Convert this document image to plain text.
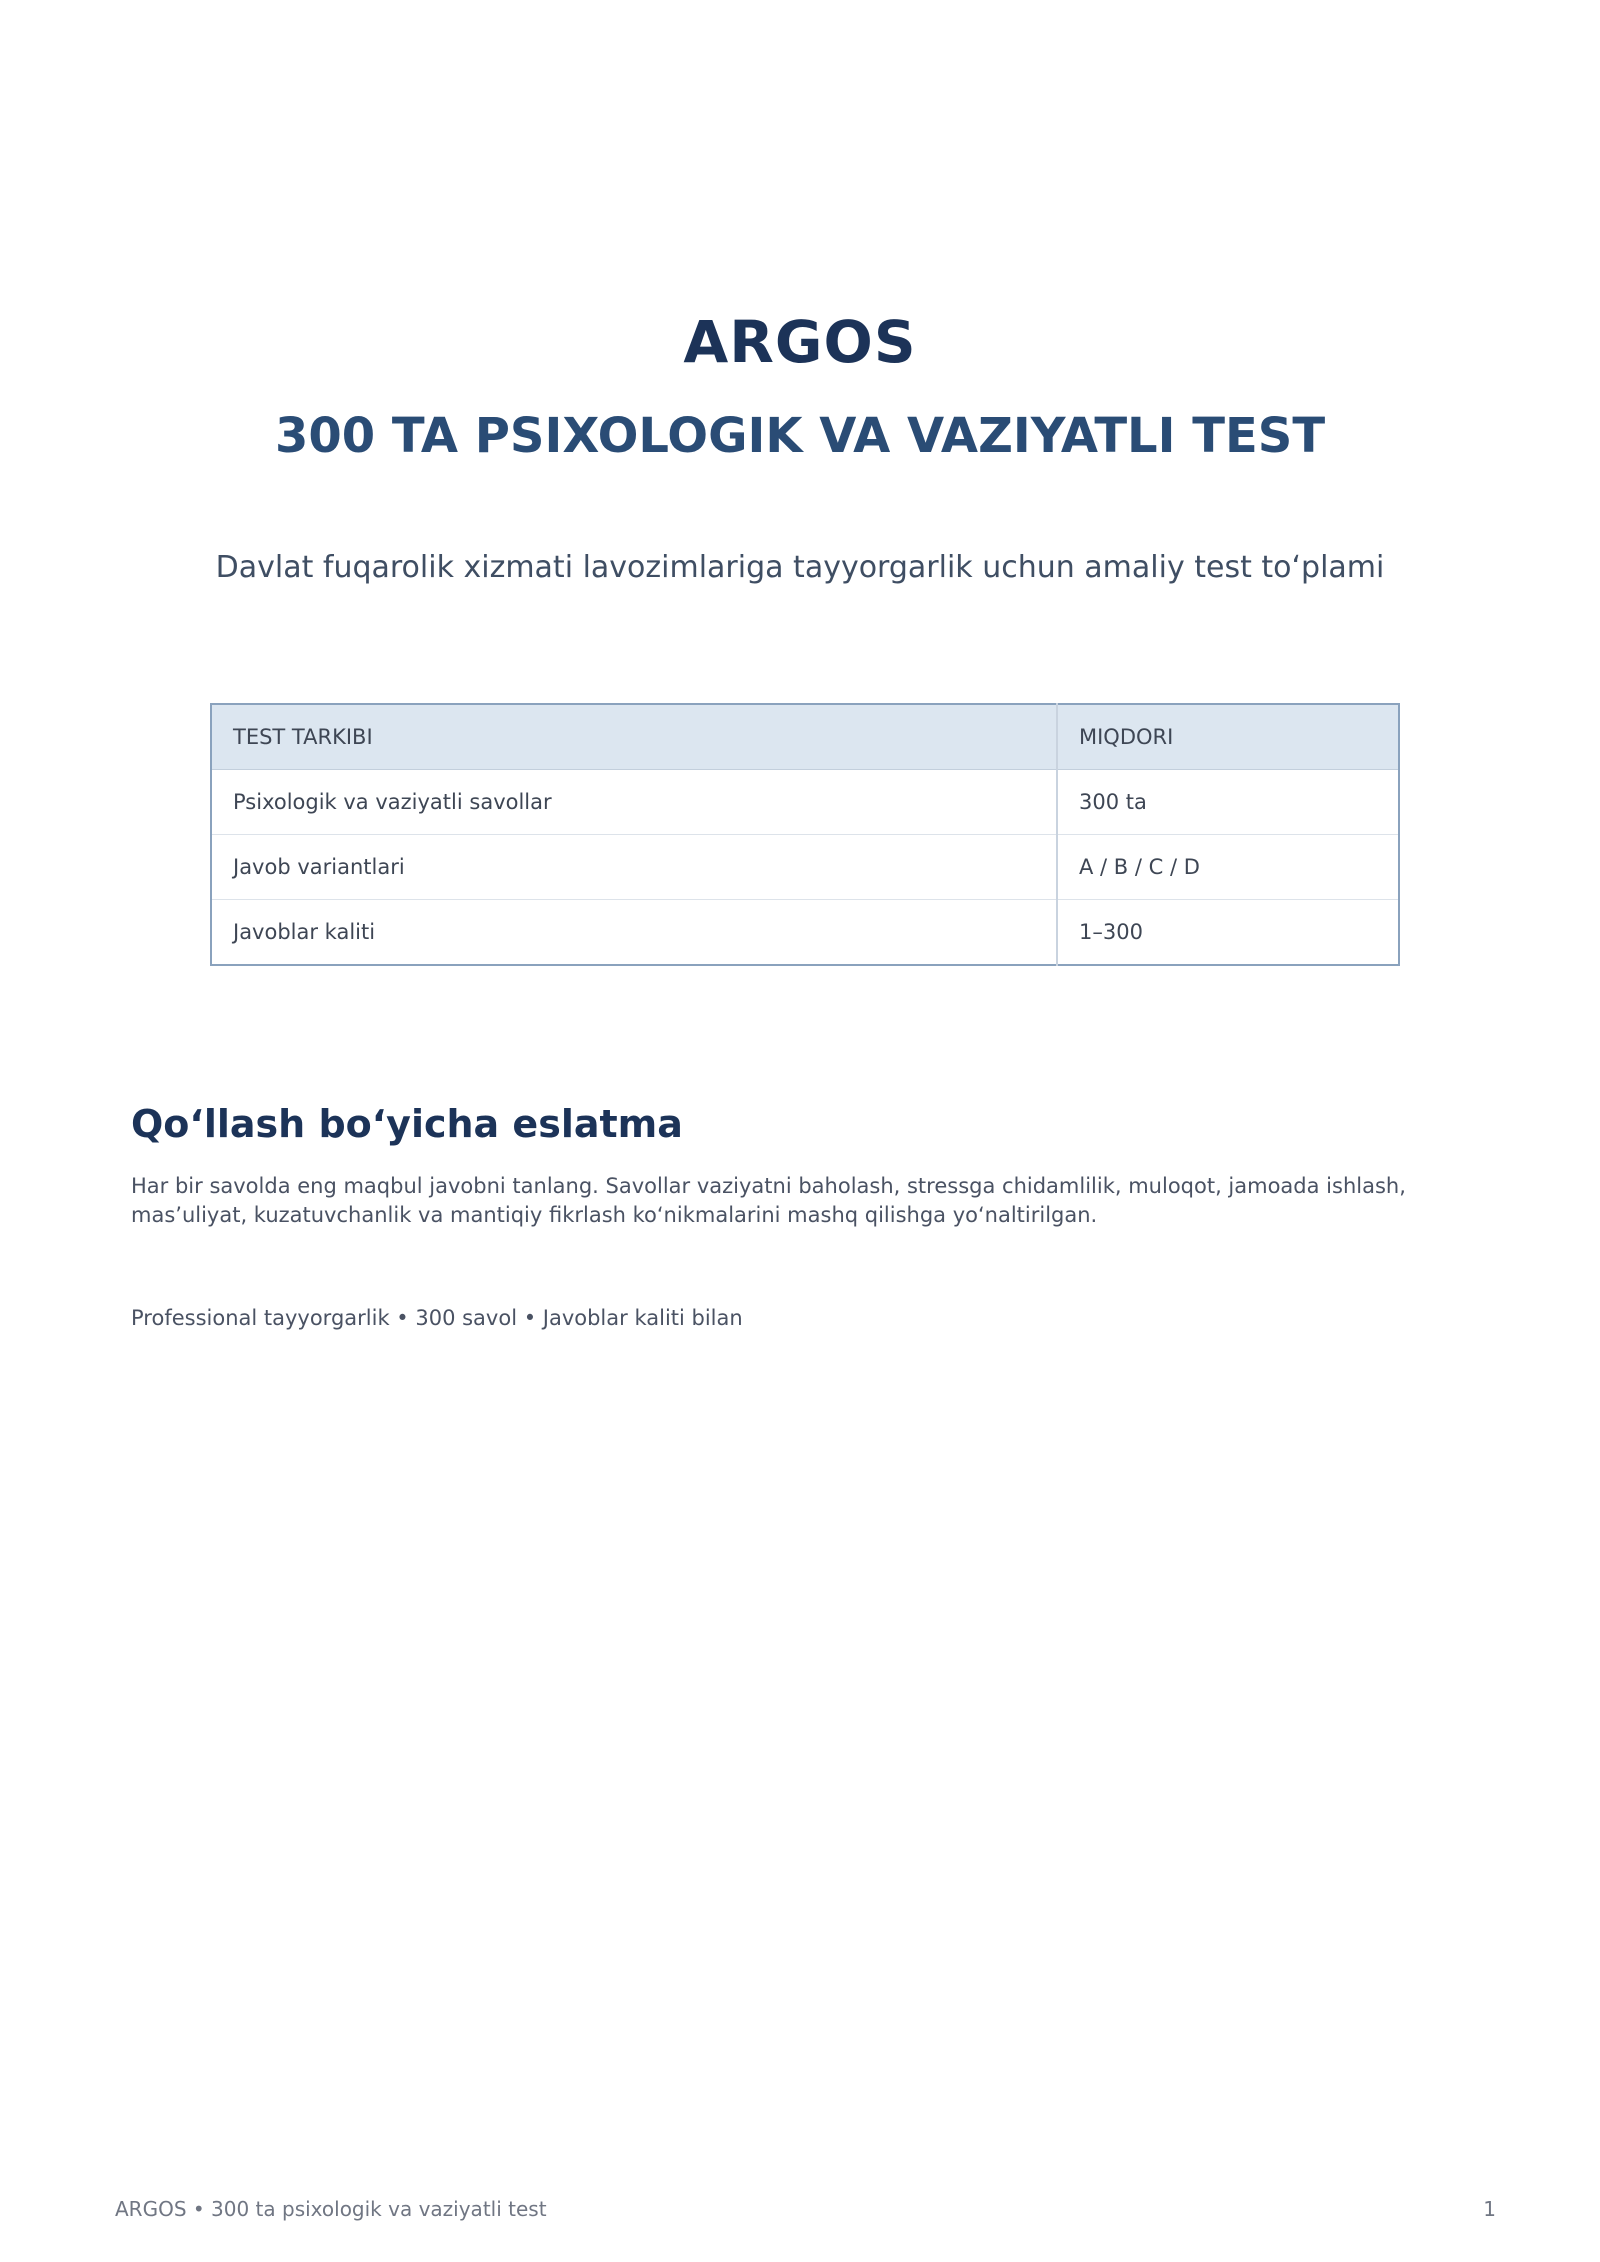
ARGOS
300 TA PSIXOLOGIK VA VAZIYATLI TEST

Davlat fuqarolik xizmati lavozimlariga tayyorgarlik uchun amaliy test to‘plami

TEST TARKIBI	MIQDORI
Psixologik va vaziyatli savollar	300 ta
Javob variantlari	A / B / C / D
Javoblar kaliti	1–300
Qo‘llash bo‘yicha eslatma

Har bir savolda eng maqbul javobni tanlang. Savollar vaziyatni baholash, stressga chidamlilik, muloqot, jamoada ishlash, mas’uliyat, kuzatuvchanlik va mantiqiy fikrlash ko‘nikmalarini mashq qilishga yo‘naltirilgan.

Professional tayyorgarlik • 300 savol • Javoblar kaliti bilan

ARGOS • 300 ta psixologik va vaziyatli test	1
